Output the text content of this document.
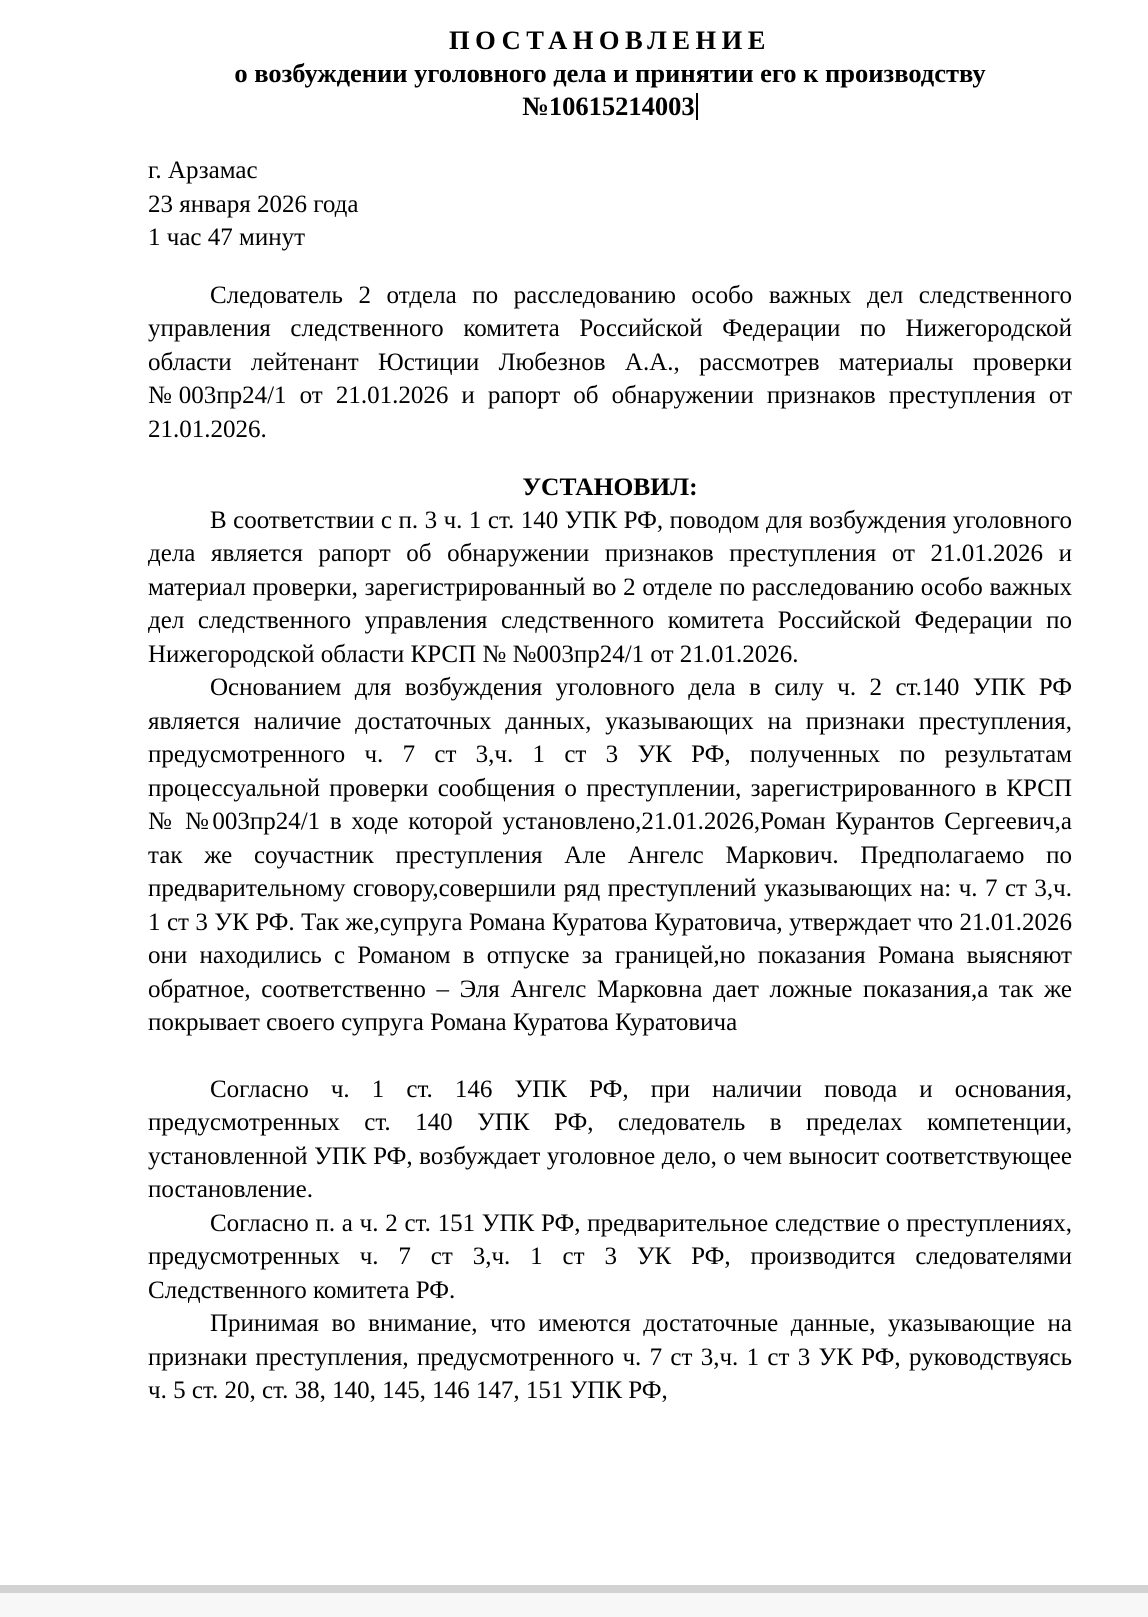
ПОСТАНОВЛЕНИЕ
о возбуждении уголовного дела и принятии его к производству
№10615214003
г. Арзамас
23 января 2026 года
1 час 47 минут

Следователь 2 отдела по расследованию особо важных дел следственного управления следственного комитета Российской Федерации по Нижегородской области лейтенант Юстиции Любезнов А.А., рассмотрев материалы проверки №003пр24/1 от 21.01.2026 и рапорт об обнаружении признаков преступления от 21.01.2026.

УСТАНОВИЛ:

В соответствии с п. 3 ч. 1 ст. 140 УПК РФ, поводом для возбуждения уголовного дела является рапорт об обнаружении признаков преступления от 21.01.2026 и материал проверки, зарегистрированный во 2 отделе по расследованию особо важных дел следственного управления следственного комитета Российской Федерации по Нижегородской области КРСП № №003пр24/1 от 21.01.2026.

Основанием для возбуждения уголовного дела в силу ч. 2 ст.140 УПК РФ является наличие достаточных данных, указывающих на признаки преступления, предусмотренного ч. 7 ст 3,ч. 1 ст 3 УК РФ, полученных по результатам процессуальной проверки сообщения о преступлении, зарегистрированного в КРСП № №003пр24/1 в ходе которой установлено,21.01.2026,Роман Курантов Сергеевич,а так же соучастник преступления Але Ангелс Маркович. Предполагаемо по предварительному сговору,совершили ряд преступлений указывающих на: ч. 7 ст 3,ч. 1 ст 3 УК РФ. Так же,супруга Романа Куратова Куратовича, утверждает что 21.01.2026 они находились с Романом в отпуске за границей,но показания Романа выясняют обратное, соответственно – Эля Ангелс Марковна дает ложные показания,а так же покрывает своего супруга Романа Куратова Куратовича

Согласно ч. 1 ст. 146 УПК РФ, при наличии повода и основания, предусмотренных ст. 140 УПК РФ, следователь в пределах компетенции, установленной УПК РФ, возбуждает уголовное дело, о чем выносит соответствующее постановление.

Согласно п. а ч. 2 ст. 151 УПК РФ, предварительное следствие о преступлениях, предусмотренных ч. 7 ст 3,ч. 1 ст 3 УК РФ, производится следователями Следственного комитета РФ.

Принимая во внимание, что имеются достаточные данные, указывающие на признаки преступления, предусмотренного ч. 7 ст 3,ч. 1 ст 3 УК РФ, руководствуясь ч. 5 ст. 20, ст. 38, 140, 145, 146 147, 151 УПК РФ,
